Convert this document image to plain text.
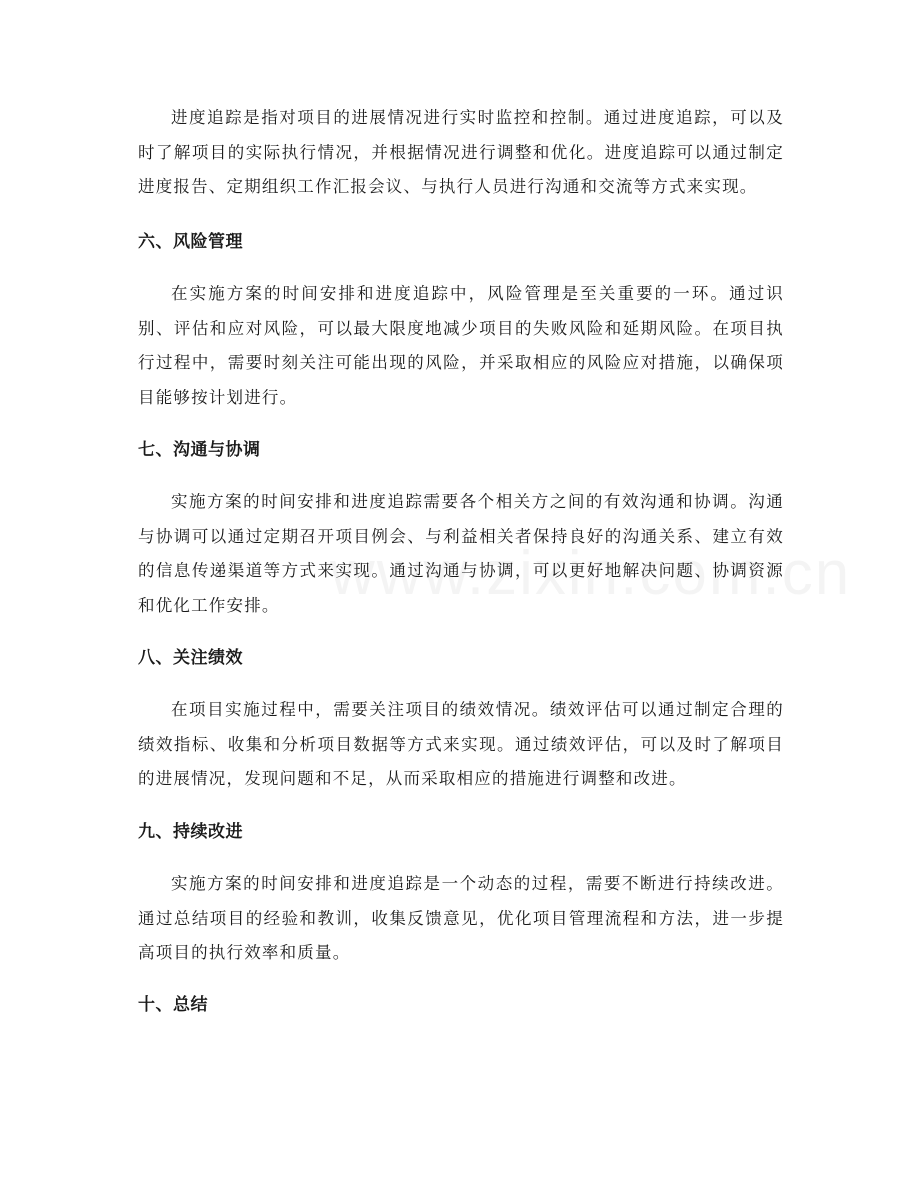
进度追踪是指对项目的进展情况进行实时监控和控制。通过进度追踪，可以及时了解项目的实际执行情况，并根据情况进行调整和优化。进度追踪可以通过制定进度报告、定期组织工作汇报会议、与执行人员进行沟通和交流等方式来实现。

六、风险管理

在实施方案的时间安排和进度追踪中，风险管理是至关重要的一环。通过识别、评估和应对风险，可以最大限度地减少项目的失败风险和延期风险。在项目执行过程中，需要时刻关注可能出现的风险，并采取相应的风险应对措施，以确保项目能够按计划进行。

七、沟通与协调

实施方案的时间安排和进度追踪需要各个相关方之间的有效沟通和协调。沟通与协调可以通过定期召开项目例会、与利益相关者保持良好的沟通关系、建立有效的信息传递渠道等方式来实现。通过沟通与协调，可以更好地解决问题、协调资源和优化工作安排。

八、关注绩效

在项目实施过程中，需要关注项目的绩效情况。绩效评估可以通过制定合理的绩效指标、收集和分析项目数据等方式来实现。通过绩效评估，可以及时了解项目的进展情况，发现问题和不足，从而采取相应的措施进行调整和改进。

九、持续改进

实施方案的时间安排和进度追踪是一个动态的过程，需要不断进行持续改进。通过总结项目的经验和教训，收集反馈意见，优化项目管理流程和方法，进一步提高项目的执行效率和质量。

十、总结
